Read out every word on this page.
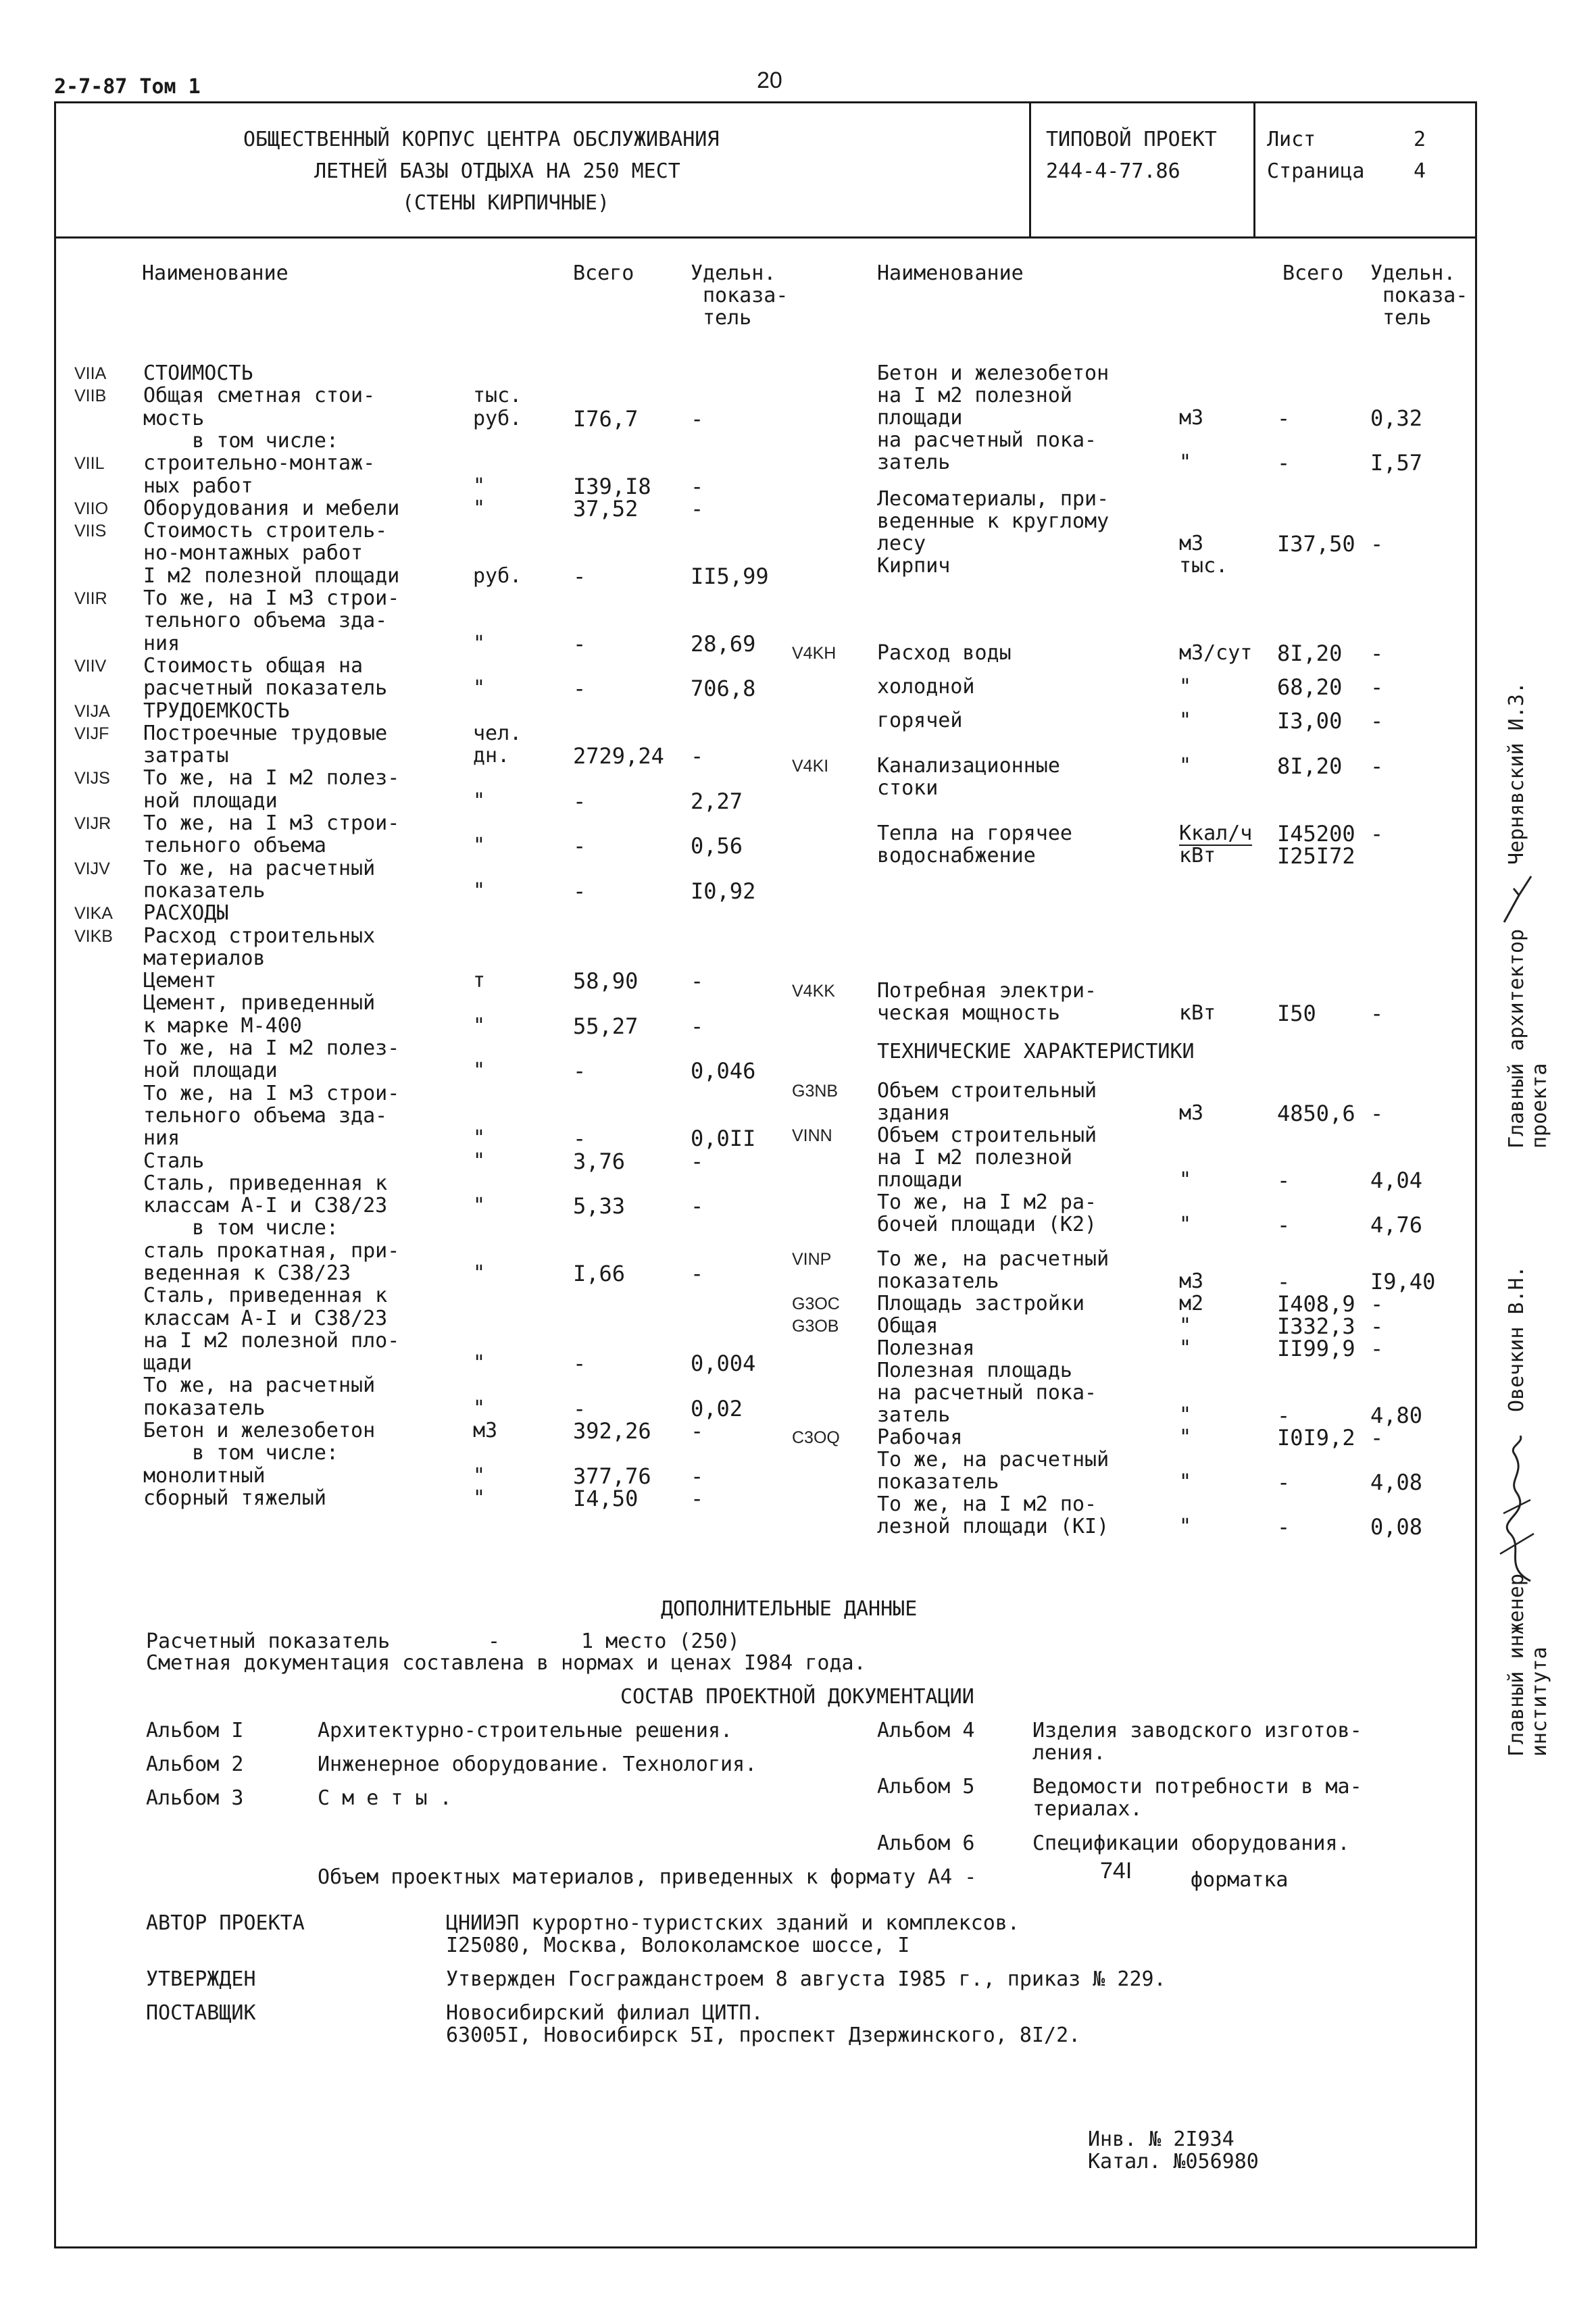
2-7-87 Том 1	20
ОБЩЕСТВЕННЫЙ КОРПУС ЦЕНТРА ОБСЛУЖИВАНИЯ
ЛЕТНЕЙ БАЗЫ ОТДЫХА НА 250 МЕСТ
(СТЕНЫ КИРПИЧНЫЕ)
ТИПОВОЙ ПРОЕКТ
244-4-77.86
Лист	2
Страница 4
Наименование	Всего	Удельн.
показа-
тель
Наименование	Всего Удельн.
показа-
тель
ДОПОЛНИТЕЛЬНЫЕ ДАННЫЕ
Расчетный показатель	-	1 место (250)
Сметная документация составлена в нормах и ценах I984 года.
СОСТАВ ПРОЕКТНОЙ ДОКУМЕНТАЦИИ
Альбом I	Архитектурно-строительные решения.
Альбом 2	Инженерное оборудование. Технология.
Альбом 3	С м е т ы .
Альбом 4	Изделия заводского изготов-
ления.
Альбом 5	Ведомости потребности в ма-
териалах.
Альбом 6	Спецификации оборудования.
Объем проектных материалов, приведенных к формату А4 -	74I	форматка
АВТОР ПРОЕКТА	ЦНИИЭП курортно-туристских зданий и комплексов.
I25080, Москва, Волоколамское шоссе, I
УТВЕРЖДЕН	Утвержден Госгражданстроем 8 августа I985 г., приказ № 229.
ПОСТАВЩИК	Новосибирский филиал ЦИТП.
63005I, Новосибирск 5I, проспект Дзержинского, 8I/2.
Инв. № 2I934
Катал. №056980
Чернявский И.З.
Главный архитектор проекта
Овечкин В.Н.
Главный инженер института
VIIA СТОИМОСТЬ
VIIB Общая сметная стои-	тыс.
мость	руб. I76,7 -
в том числе:
VIIL строительно-монтаж-
ных работ	"	I39,I8 -
VIIO Оборудования и мебели	"	37,52 -
VIIS Стоимость строитель-
но-монтажных работ
I м2 полезной площади	руб. -	II5,99
VIIR То же, на I м3 строи-
тельного объема зда-
ния	"	-	28,69
VIIV Стоимость общая на
расчетный показатель	"	-	706,8
VIJA ТРУДОЕМКОСТЬ
VIJF Построечные трудовые	чел.
затраты	дн.	2729,24 -
VIJS То же, на I м2 полез-
ной площади	"	-	2,27
VIJR То же, на I м3 строи-
тельного объема	"	-	0,56
VIJV То же, на расчетный
показатель	"	-	I0,92
VIKA РАСХОДЫ
VIKB Расход строительных
материалов
Цемент	т	58,90 -
Цемент, приведенный
к марке М-400	"	55,27 -
То же, на I м2 полез-
ной площади	"	-	0,046
То же, на I м3 строи-
тельного объема зда-
ния	"	-	0,0II
Сталь	"	3,76	-
Сталь, приведенная к
классам А-I и С38/23	"	5,33	-
в том числе:
сталь прокатная, при-
веденная к С38/23	"	I,66	-
Сталь, приведенная к
классам А-I и С38/23
на I м2 полезной пло-
щади	"	-	0,004
То же, на расчетный
показатель	"	-	0,02
Бетон и железобетон	м3	392,26 -
в том числе:
монолитный	"	377,76 -
сборный тяжелый	"	I4,50 -
Бетон и железобетон
на I м2 полезной
площади	м3	-	0,32
на расчетный пока-
затель	"	-	I,57
Лесоматериалы, при-
веденные к круглому
лесу	м3	I37,50 -
Кирпич	тыс.
V4KH Расход воды	м3/сут 8I,20 -
холодной	"	68,20 -
горячей	"	I3,00 -
V4KI Канализационные	"	8I,20 -
стоки
Тепла на горячее	Ккал/ч I45200 -
водоснабжение	кВт	I25I72
V4KK Потребная электри-
ческая мощность	кВт	I50	-
ТЕХНИЧЕСКИЕ ХАРАКТЕРИСТИКИ
G3NB Объем строительный
здания	м3	4850,6 -
VINN Объем строительный
на I м2 полезной
площади	"	-	4,04
То же, на I м2 ра-
бочей площади (К2)	"	-	4,76
VINP То же, на расчетный
показатель	м3	-	I9,40
G3OC Площадь застройки	м2	I408,9 -
G3OB Общая	"	I332,3 -
Полезная	"	II99,9 -
Полезная площадь
на расчетный пока-
затель	"	-	4,80
C3OQ Рабочая	"	I0I9,2 -
То же, на расчетный
показатель	"	-	4,08
То же, на I м2 по-
лезной площади (КI)	"	-	0,08
